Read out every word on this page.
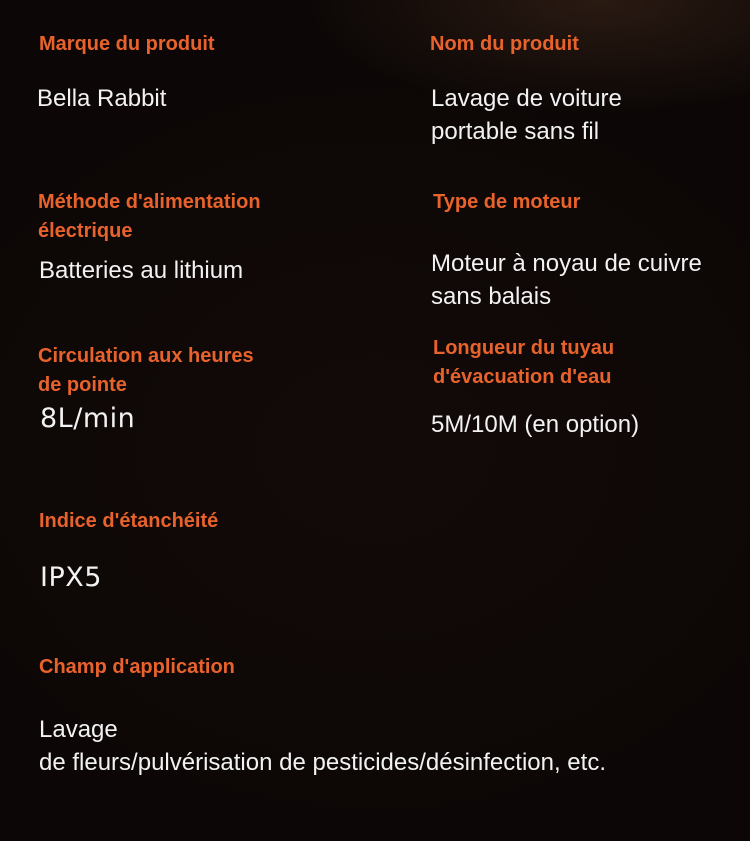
Marque du produit

Bella Rabbit

Nom du produit

Lavage de voiture
portable sans fil

Méthode d'alimentation
électrique

Batteries au lithium

Type de moteur

Moteur à noyau de cuivre
sans balais

Circulation aux heures
de pointe

8L/min

Longueur du tuyau
d'évacuation d'eau

5M/10M (en option)

Indice d'étanchéité

IPX5

Champ d'application

Lavage
de fleurs/pulvérisation de pesticides/désinfection, etc.
